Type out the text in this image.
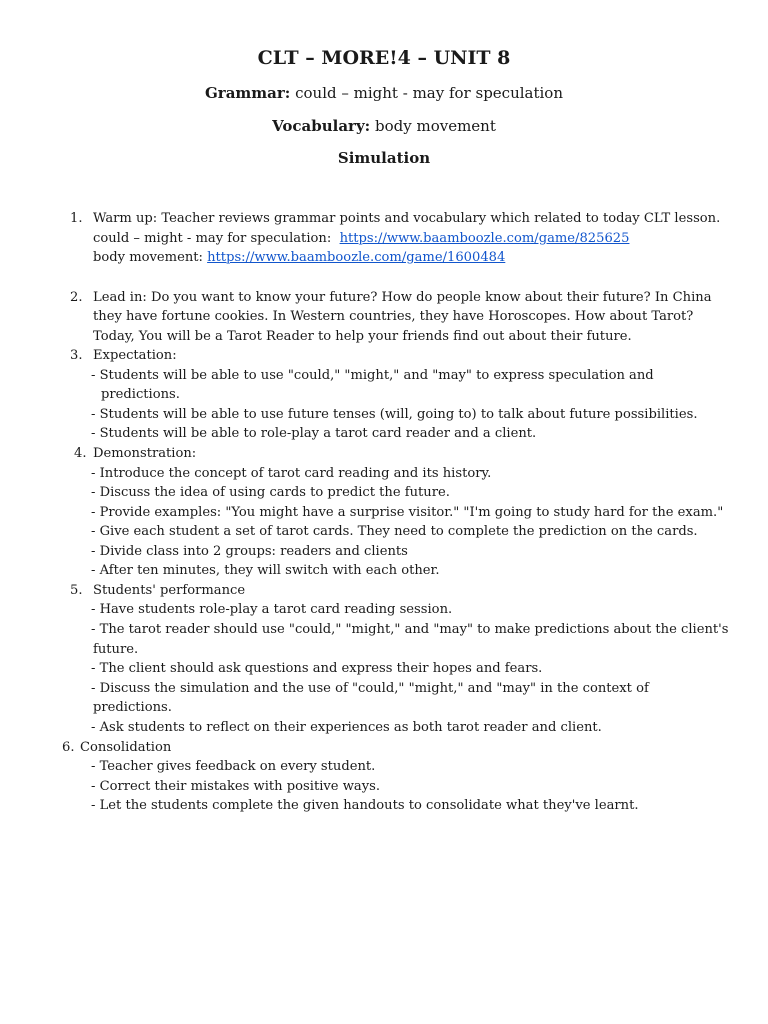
CLT – MORE!4 – UNIT 8
Grammar: could – might - may for speculation
Vocabulary: body movement
Simulation
1. Warm up: Teacher reviews grammar points and vocabulary which related to today CLT lesson.
could – might - may for speculation: https://www.baamboozle.com/game/825625
body movement: https://www.baamboozle.com/game/1600484
2. Lead in: Do you want to know your future? How do people know about their future? In China
they have fortune cookies. In Western countries, they have Horoscopes. How about Tarot?
Today, You will be a Tarot Reader to help your friends find out about their future.
3. Expectation:
- Students will be able to use "could," "might," and "may" to express speculation and
predictions.
- Students will be able to use future tenses (will, going to) to talk about future possibilities.
- Students will be able to role-play a tarot card reader and a client.
4. Demonstration:
- Introduce the concept of tarot card reading and its history.
- Discuss the idea of using cards to predict the future.
- Provide examples: "You might have a surprise visitor." "I'm going to study hard for the exam."
- Give each student a set of tarot cards. They need to complete the prediction on the cards.
- Divide class into 2 groups: readers and clients
- After ten minutes, they will switch with each other.
5. Students' performance
- Have students role-play a tarot card reading session.
- The tarot reader should use "could," "might," and "may" to make predictions about the client's
future.
- The client should ask questions and express their hopes and fears.
- Discuss the simulation and the use of "could," "might," and "may" in the context of
predictions.
- Ask students to reflect on their experiences as both tarot reader and client.
6. Consolidation
- Teacher gives feedback on every student.
- Correct their mistakes with positive ways.
- Let the students complete the given handouts to consolidate what they've learnt.
